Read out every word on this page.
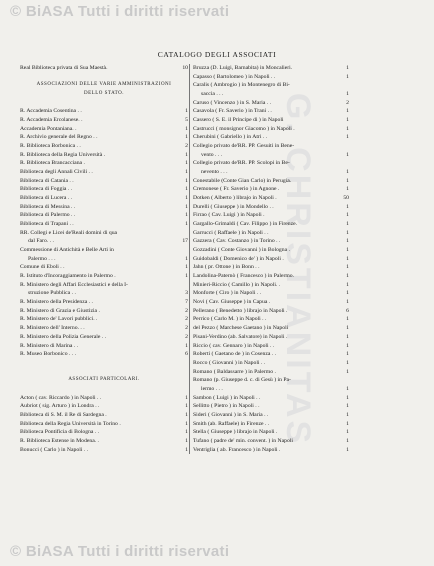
© BiASA Tutti i diritti riservati
G. CHRISTIANITAS
CATALOGO DEGLI ASSOCIATI
Real Biblioteca privata di Sua Maestà.	10
ASSOCIAZIONI DELLE VARIE AMMINISTRAZIONI
DELLO STATO.
R. Accademia Cosentina . .	1
R. Accademia Ercolanese. .	5
Accademia Pontaniana. .	1
R. Archivio generale del Regno . .	1
R. Biblioteca Borbonica . .	2
R. Biblioteca della Regia Università .	1
R. Biblioteca Brancacciana .	1
Biblioteca degli Annali Civili . .	1
Biblioteca di Catania . .	1
Biblioteca di Foggia . .	1
Biblioteca di Lucera . .	1
Biblioteca di Messina . .	1
Biblioteca di Palermo . .	1
Biblioteca di Trapani . .	1
RR. Collegi e Licei de'Reali domini di qua
dal Faro. . .	17
Commessione di Antichità e Belle Arti in
Palermo . . .	1
Comune di Eboli . .	1
R. Istituto d'Incoraggiamento in Palermo .	1
R. Ministero degli Affari Ecclesiastici e della I-
struzione Pubblica . .	3
R. Ministero della Presidenza . .	7
R. Ministero di Grazia e Giustizia .	2
R. Ministero de' Lavori pubblici. .	2
R. Ministero dell' Interno. . .	2
R. Ministero della Polizia Generale . .	2
R. Ministero di Marina . .	1
R. Museo Borbonico . . .	6
ASSOCIATI PARTICOLARI.
Acton ( cav. Riccardo ) in Napoli . .	1
Aubriot ( sig. Arturo ) in Londra . .	1
Biblioteca di S. M. il Re di Sardegna .	1
Biblioteca della Regia Università in Torino .	1
Biblioteca Pontificia di Bologna . .	1
R. Biblioteca Estense in Modena. .	1
Bonucci ( Carlo ) in Napoli . .	1
Bruzza (D. Luigi, Barnabita) in Moncalieri.	1
Capasso ( Bartolomeo ) in Napoli . .	1
Caralis ( Ambrogio ) in Montenegro di Bi-
saccia . . .	1
Caruso ( Vincenzo ) in S. Maria . .	2
Casavola ( Fr. Saverio ) in Trani . .	1
Cassero ( S. E. il Principe di ) in Napoli	1
Castrucci ( monsignor Giacomo ) in Napoli .	1
Cherubini ( Gabriello ) in Atri . .	1
Collegio privato de'RR. PP. Gesuiti in Bene-
vento . . .	1
Collegio privato de'RR. PP. Scolopi in Be-
nevento . . .	1
Conestabile (Conte Gian Carlo) in Perugia.	1
Cremonese ( Fr. Saverio ) in Agnone .	1
Dotken ( Alberto ) librajo in Napoli .	50
Durelli ( Giuseppe ) in Mondello . .	1
Firrao ( Cav. Luigi ) in Napoli .	1
Gargallo-Grimaldi ( Cav. Filippo ) in Firenze.	1
Garrucci ( Raffaele ) in Napoli . .	1
Gazzera ( Cav. Costanzo ) in Torino . .	1
Gozzadini ( Conte Giovanni ) in Bologna .	1
Guidobaldi ( Domenico de' ) in Napoli .	1
Jahn ( pr. Ottone ) in Bonn . .	1
Landolina-Paternò ( Francesco ) in Palermo.	1
Minieri-Riccio ( Camillo ) in Napoli. .	1
Monforte ( Ciro ) in Napoli . .	1
Novi ( Cav. Giuseppe ) in Capua .	1
Pellerano ( Benedetto ) librajo in Napoli .	6
Perrico ( Carlo M. ) in Napoli . .	1
del Pezzo ( Marchese Gaetano ) in Napoli	1
Pisani-Verdino (ab. Salvatore) in Napoli .	1
Riccio ( cav. Gennaro ) in Napoli . .	1
Roberti ( Gaetano de ) in Cosenza . .	1
Rocco ( Giovanni ) in Napoli . .	1
Romano ( Baldassarre ) in Palermo .	1
Romano (p. Giuseppe d. c. di Gesù ) in Pa-
lermo . . .	1
Sambon ( Luigi ) in Napoli . .	1
Sellitto ( Pietro ) in Napoli . .	1
Sideri ( Giovanni ) in S. Maria . .	1
Smith (ab. Raffaele) in Firenze . .	1
Stella ( Giuseppe ) librajo in Napoli .	1
Tufano ( padre de' min. convent. ) in Napoli	1
Ventriglia ( ab. Francesco ) in Napoli .	1
© BiASA Tutti i diritti riservati
